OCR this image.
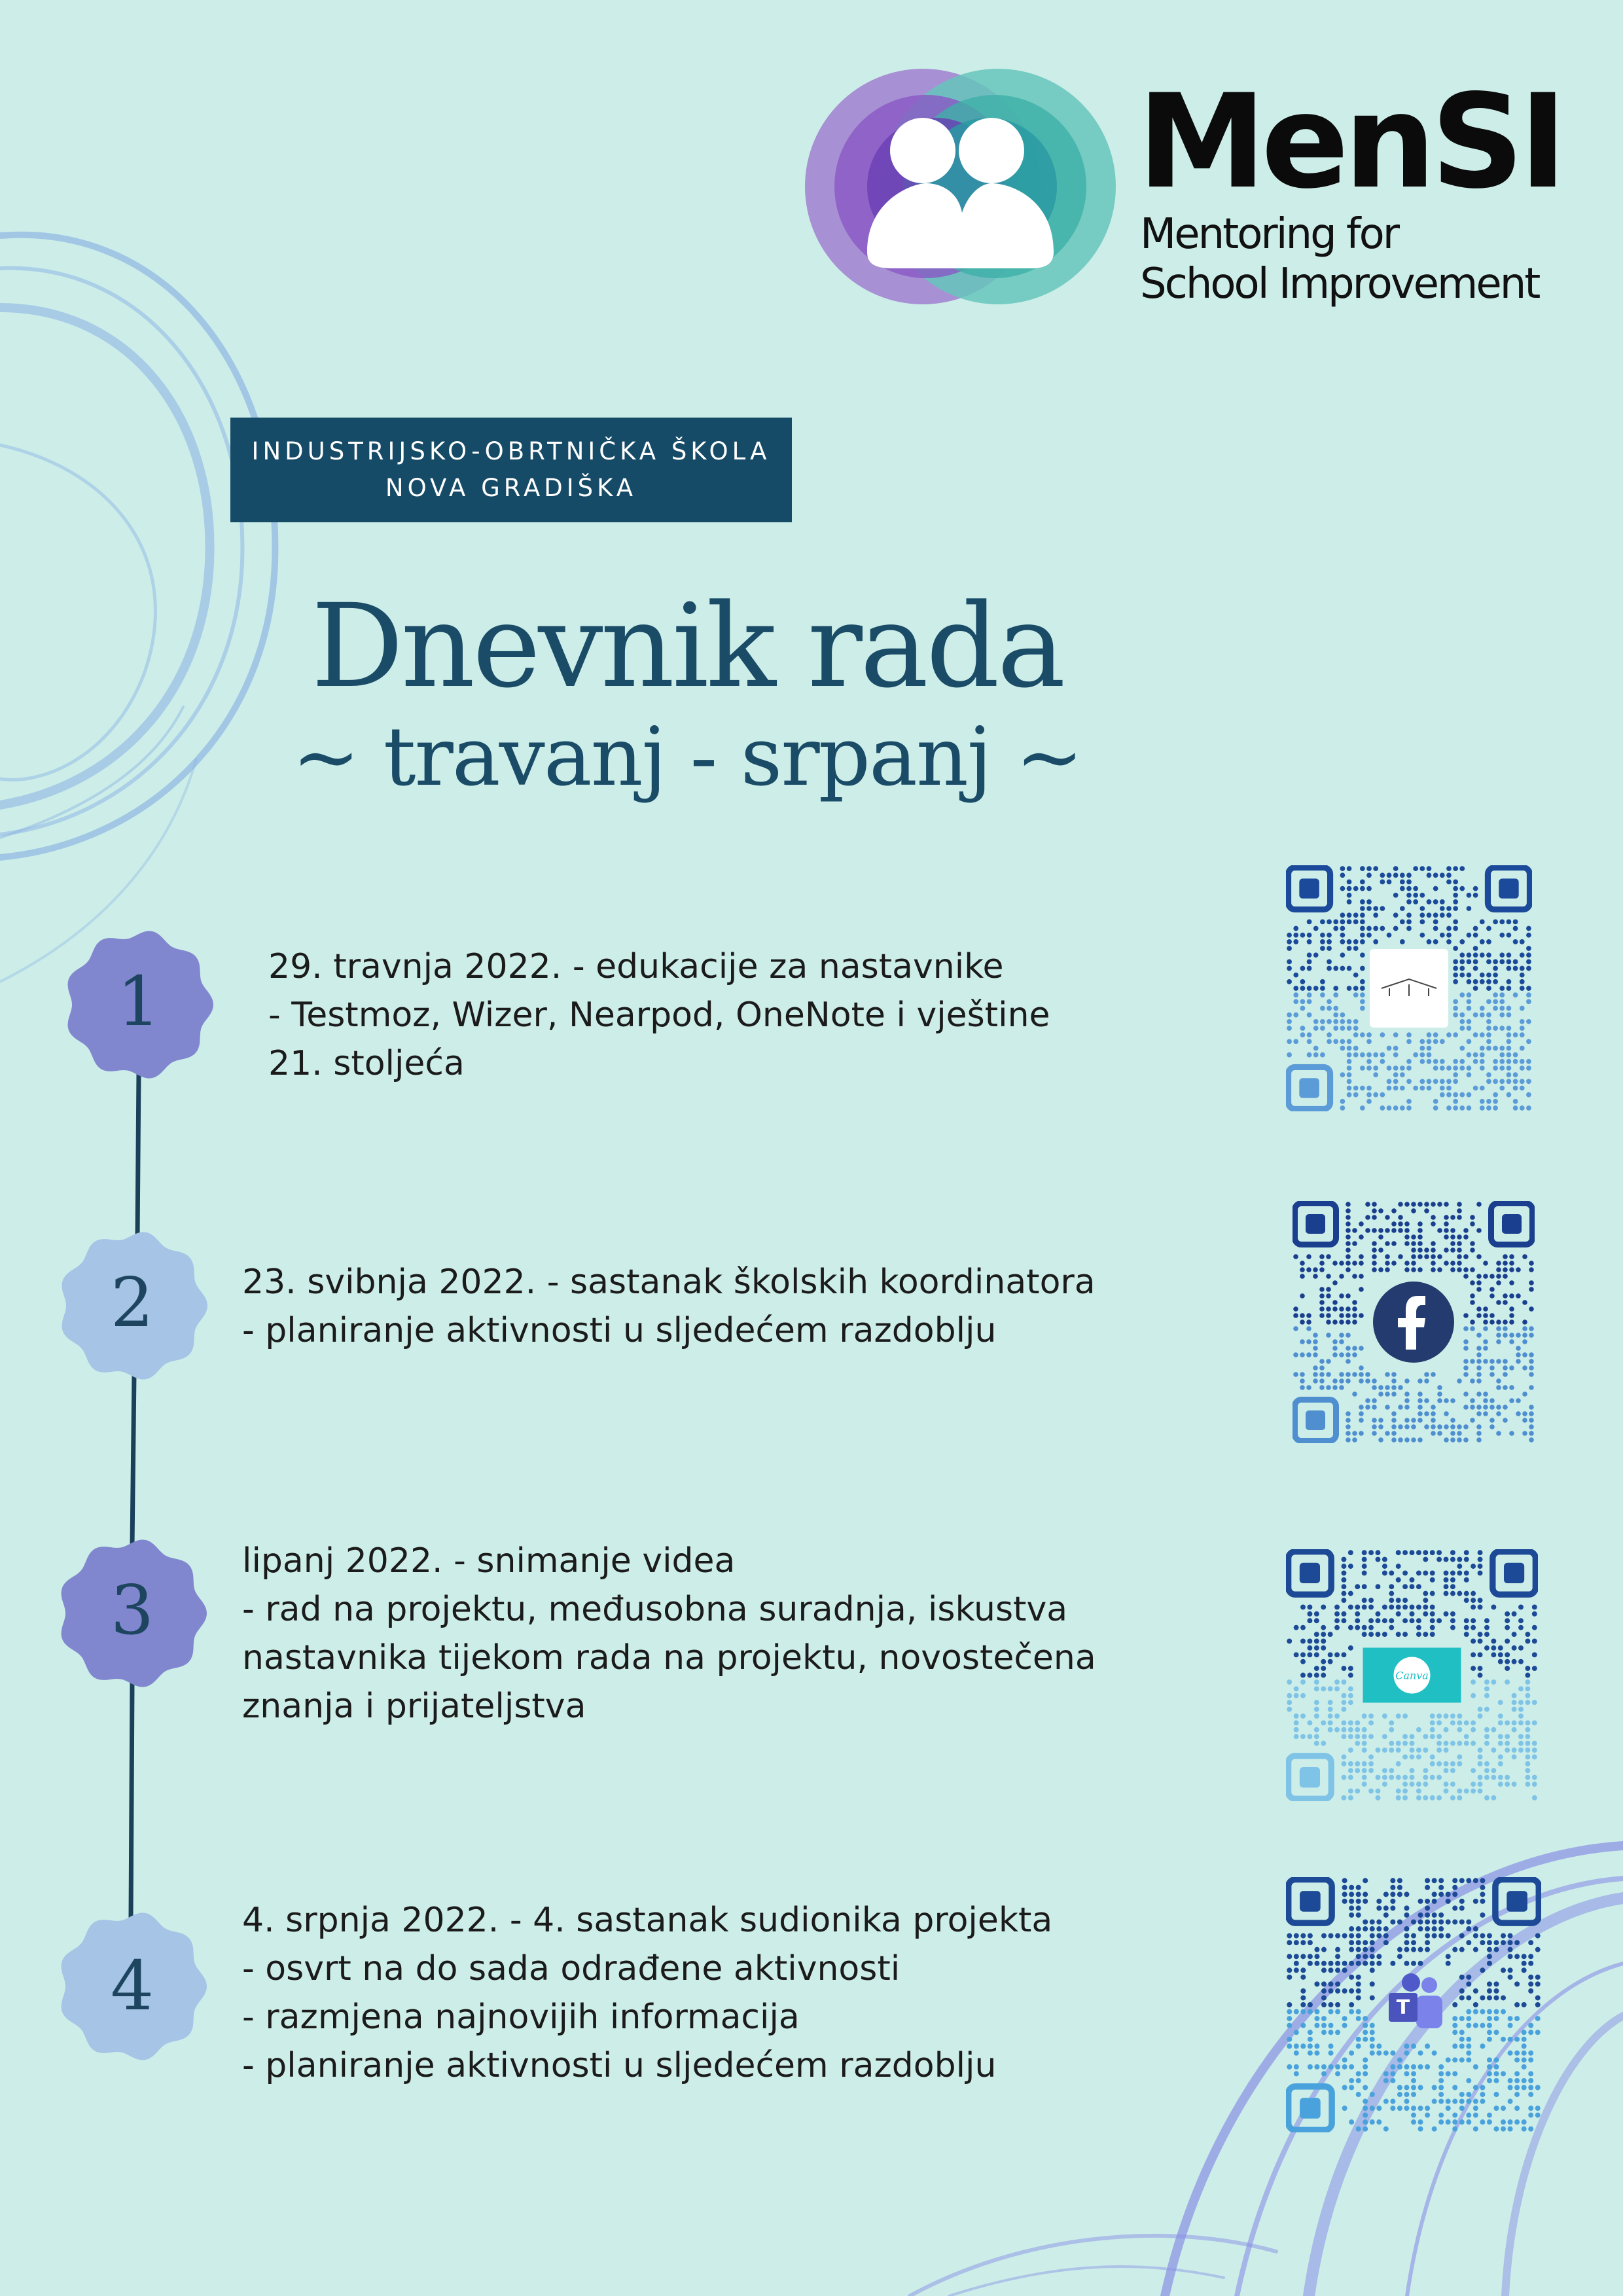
MenSI
Mentoring for
School Improvement
INDUSTRIJSKO-OBRTNIČKA ŠKOLA
NOVA GRADIŠKA
Dnevnik rada
~ travanj - srpanj ~
1
2
3
4
29. travnja 2022. - edukacije za nastavnike
- Testmoz, Wizer, Nearpod, OneNote i vještine
21. stoljeća
23. svibnja 2022. - sastanak školskih koordinatora
- planiranje aktivnosti u sljedećem razdoblju
lipanj 2022. - snimanje videa
- rad na projektu, međusobna suradnja, iskustva
nastavnika tijekom rada na projektu, novostečena
znanja i prijateljstva
4. srpnja 2022. - 4. sastanak sudionika projekta
- osvrt na do sada odrađene aktivnosti
- razmjena najnovijih informacija
- planiranje aktivnosti u sljedećem razdoblju
Canva
T
